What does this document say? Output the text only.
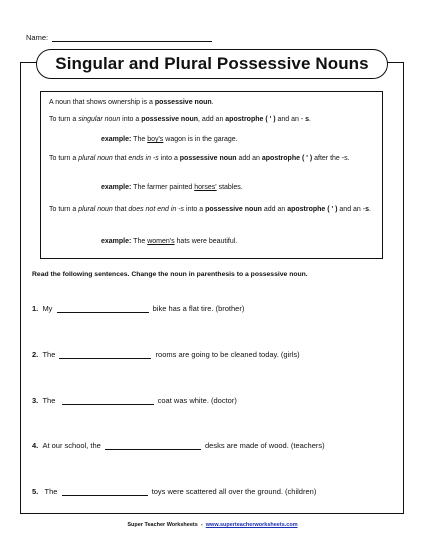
Name:
Singular and Plural Possessive Nouns
A noun that shows ownership is a possessive noun.
To turn a singular noun into a possessive noun, add an apostrophe ( ' ) and an - s.
example: The boy's wagon is in the garage.
To turn a plural noun that ends in -s into a possessive noun add an apostrophe ( ' ) after the -s.
example: The farmer painted horses' stables.
To turn a plural noun that does not end in -s into a possessive noun add an apostrophe ( ' ) and an -s.
example: The women's hats were beautiful.
Read the following sentences. Change the noun in parenthesis to a possessive noun.
1. My	bike has a flat tire. (brother)
2. The	rooms are going to be cleaned today. (girls)
3. The	coat was white. (doctor)
4. At our school, the	desks are made of wood. (teachers)
5. The	toys were scattered all over the ground. (children)
Super Teacher Worksheets - www.superteacherworksheets.com
